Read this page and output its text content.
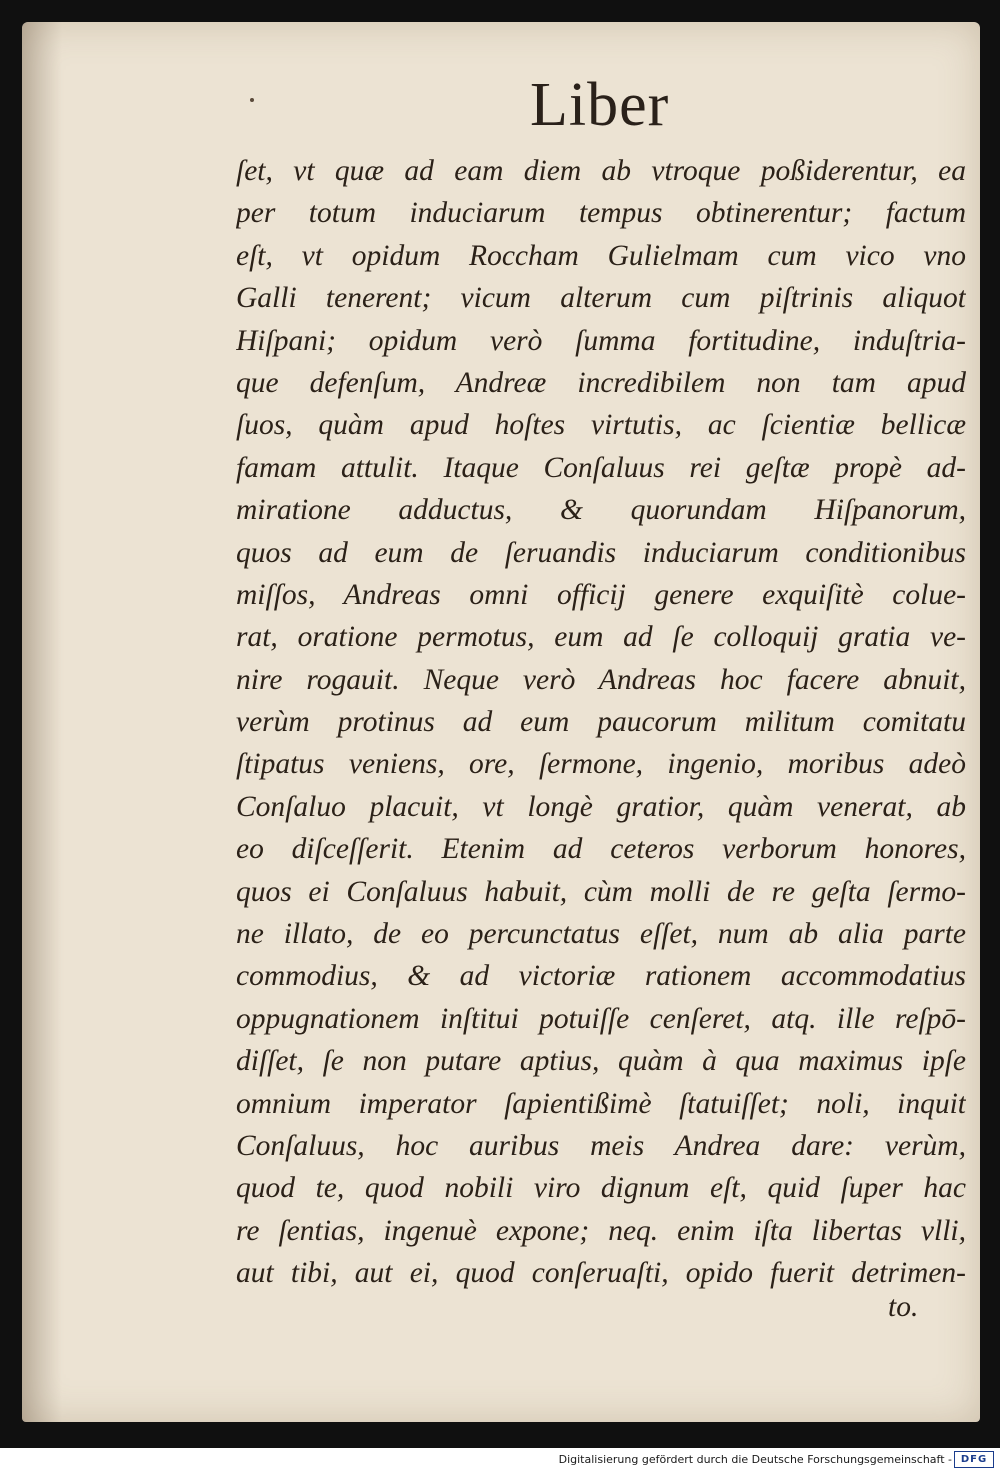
Liber
ſet, vt quæ ad eam diem ab vtroque poßiderentur, ea
per totum induciarum tempus obtinerentur; factum
eſt, vt opidum Roccham Gulielmam cum vico vno
Galli tenerent; vicum alterum cum piſtrinis aliquot
Hiſpani; opidum verò ſumma fortitudine, induſtria-
que defenſum, Andreæ incredibilem non tam apud
ſuos, quàm apud hoſtes virtutis, ac ſcientiæ bellicæ
famam attulit. Itaque Conſaluus rei geſtæ propè ad-
miratione adductus, & quorundam Hiſpanorum,
quos ad eum de ſeruandis induciarum conditionibus
miſſos, Andreas omni officij genere exquiſitè colue-
rat, oratione permotus, eum ad ſe colloquij gratia ve-
nire rogauit. Neque verò Andreas hoc facere abnuit,
verùm protinus ad eum paucorum militum comitatu
ſtipatus veniens, ore, ſermone, ingenio, moribus adeò
Conſaluo placuit, vt longè gratior, quàm venerat, ab
eo diſceſſerit. Etenim ad ceteros verborum honores,
quos ei Conſaluus habuit, cùm molli de re geſta ſermo-
ne illato, de eo percunctatus eſſet, num ab alia parte
commodius, & ad victoriæ rationem accommodatius
oppugnationem inſtitui potuiſſe cenſeret, atq. ille reſpō-
diſſet, ſe non putare aptius, quàm à qua maximus ipſe
omnium imperator ſapientißimè ſtatuiſſet; noli, inquit
Conſaluus, hoc auribus meis Andrea dare: verùm,
quod te, quod nobili viro dignum eſt, quid ſuper hac
re ſentias, ingenuè expone; neq. enim iſta libertas vlli,
aut tibi, aut ei, quod conſeruaſti, opido fuerit detrimen-
to.
Digitalisierung gefördert durch die Deutsche Forschungsgemeinschaft - DFG
